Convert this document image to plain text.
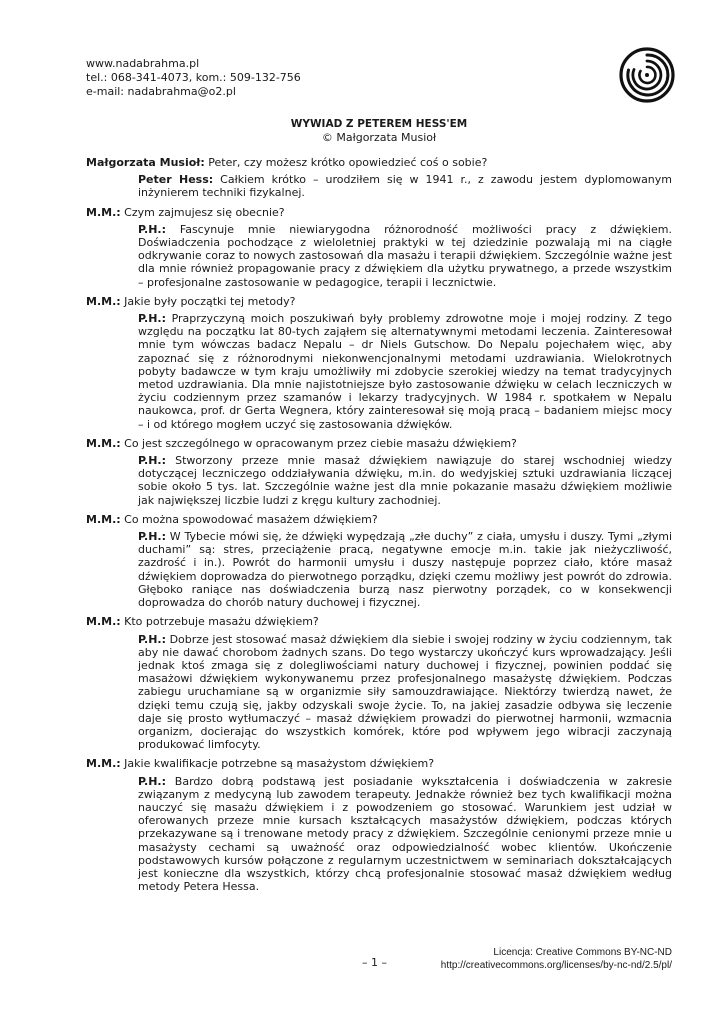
www.nadabrahma.pl
tel.: 068-341-4073, kom.: 509-132-756
e-mail: nadabrahma@o2.pl
WYWIAD Z PETEREM HESS'EM
© Małgorzata Musioł

Małgorzata Musioł: Peter, czy możesz krótko opowiedzieć coś o sobie?

Peter Hess: Całkiem krótko – urodziłem się w 1941 r., z zawodu jestem dyplomowanym inżynierem techniki fizykalnej.

M.M.: Czym zajmujesz się obecnie?

P.H.: Fascynuje mnie niewiarygodna różnorodność możliwości pracy z dźwiękiem. Doświadczenia pochodzące z wieloletniej praktyki w tej dziedzinie pozwalają mi na ciągłe odkrywanie coraz to nowych zastosowań dla masażu i terapii dźwiękiem. Szczególnie ważne jest dla mnie również propagowanie pracy z dźwiękiem dla użytku prywatnego, a przede wszystkim – profesjonalne zastosowanie w pedagogice, terapii i lecznictwie.

M.M.: Jakie były początki tej metody?

P.H.: Praprzyczyną moich poszukiwań były problemy zdrowotne moje i mojej rodziny. Z tego względu na początku lat 80-tych zająłem się alternatywnymi metodami leczenia. Zainteresował mnie tym wówczas badacz Nepalu – dr Niels Gutschow. Do Nepalu pojechałem więc, aby zapoznać się z różnorodnymi niekonwencjonalnymi metodami uzdrawiania. Wielokrotnych pobyty badawcze w tym kraju umożliwiły mi zdobycie szerokiej wiedzy na temat tradycyjnych metod uzdrawiania. Dla mnie najistotniejsze było zastosowanie dźwięku w celach leczniczych w życiu codziennym przez szamanów i lekarzy tradycyjnych. W 1984 r. spotkałem w Nepalu naukowca, prof. dr Gerta Wegnera, który zainteresował się moją pracą – badaniem miejsc mocy – i od którego mogłem uczyć się zastosowania dźwięków.

M.M.: Co jest szczególnego w opracowanym przez ciebie masażu dźwiękiem?

P.H.: Stworzony przeze mnie masaż dźwiękiem nawiązuje do starej wschodniej wiedzy dotyczącej leczniczego oddziaływania dźwięku, m.in. do wedyjskiej sztuki uzdrawiania liczącej sobie około 5 tys. lat. Szczególnie ważne jest dla mnie pokazanie masażu dźwiękiem możliwie jak największej liczbie ludzi z kręgu kultury zachodniej.

M.M.: Co można spowodować masażem dźwiękiem?

P.H.: W Tybecie mówi się, że dźwięki wypędzają „złe duchy” z ciała, umysłu i duszy. Tymi „złymi duchami” są: stres, przeciążenie pracą, negatywne emocje m.in. takie jak nieżyczliwość, zazdrość i in.). Powrót do harmonii umysłu i duszy następuje poprzez ciało, które masaż dźwiękiem doprowadza do pierwotnego porządku, dzięki czemu możliwy jest powrót do zdrowia. Głęboko raniące nas doświadczenia burzą nasz pierwotny porządek, co w konsekwencji doprowadza do chorób natury duchowej i fizycznej.

M.M.: Kto potrzebuje masażu dźwiękiem?

P.H.: Dobrze jest stosować masaż dźwiękiem dla siebie i swojej rodziny w życiu codziennym, tak aby nie dawać chorobom żadnych szans. Do tego wystarczy ukończyć kurs wprowadzający. Jeśli jednak ktoś zmaga się z dolegliwościami natury duchowej i fizycznej, powinien poddać się masażowi dźwiękiem wykonywanemu przez profesjonalnego masażystę dźwiękiem. Podczas zabiegu uruchamiane są w organizmie siły samouzdrawiające. Niektórzy twierdzą nawet, że dzięki temu czują się, jakby odzyskali swoje życie. To, na jakiej zasadzie odbywa się leczenie daje się prosto wytłumaczyć – masaż dźwiękiem prowadzi do pierwotnej harmonii, wzmacnia organizm, docierając do wszystkich komórek, które pod wpływem jego wibracji zaczynają produkować limfocyty.

M.M.: Jakie kwalifikacje potrzebne są masażystom dźwiękiem?

P.H.: Bardzo dobrą podstawą jest posiadanie wykształcenia i doświadczenia w zakresie związanym z medycyną lub zawodem terapeuty. Jednakże również bez tych kwalifikacji można nauczyć się masażu dźwiękiem i z powodzeniem go stosować. Warunkiem jest udział w oferowanych przeze mnie kursach kształcących masażystów dźwiękiem, podczas których przekazywane są i trenowane metody pracy z dźwiękiem. Szczególnie cenionymi przeze mnie u masażysty cechami są uważność oraz odpowiedzialność wobec klientów. Ukończenie podstawowych kursów połączone z regularnym uczestnictwem w seminariach dokształcających jest konieczne dla wszystkich, którzy chcą profesjonalnie stosować masaż dźwiękiem według metody Petera Hessa.

– 1 –
Licencja: Creative Commons BY-NC-ND
http://creativecommons.org/licenses/by-nc-nd/2.5/pl/
